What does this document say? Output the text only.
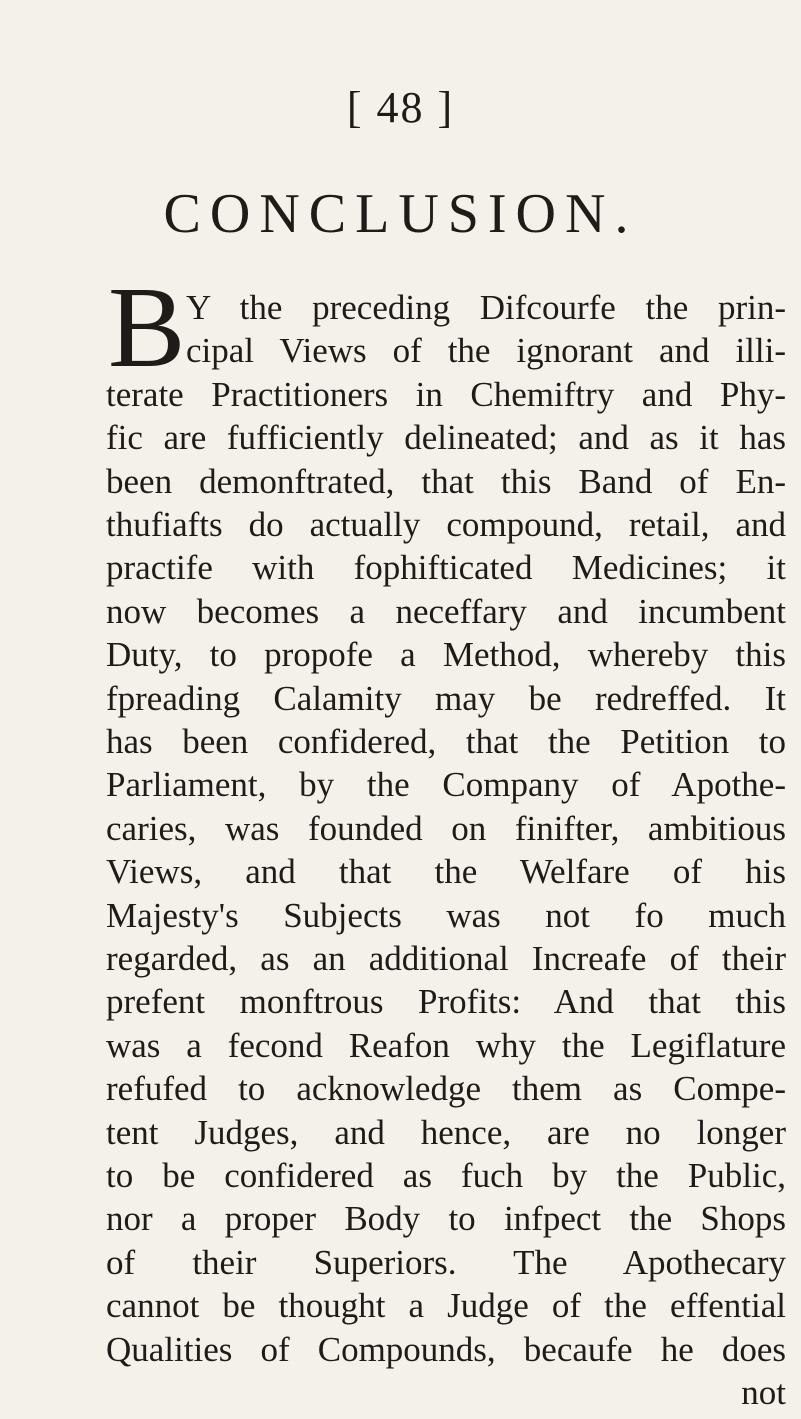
[ 48 ]
CONCLUSION.
B Y the preceding Difcourfe the prin-
cipal Views of the ignorant and illi-
terate Practitioners in Chemiftry and Phy-
fic are fufficiently delineated; and as it has
been demonftrated, that this Band of En-
thufiafts do actually compound, retail, and
practife with fophifticated Medicines; it
now becomes a neceffary and incumbent
Duty, to propofe a Method, whereby this
fpreading Calamity may be redreffed. It
has been confidered, that the Petition to
Parliament, by the Company of Apothe-
caries, was founded on finifter, ambitious
Views, and that the Welfare of his
Majesty's Subjects was not fo much
regarded, as an additional Increafe of their
prefent monftrous Profits: And that this
was a fecond Reafon why the Legiflature
refufed to acknowledge them as Compe-
tent Judges, and hence, are no longer
to be confidered as fuch by the Public,
nor a proper Body to infpect the Shops
of their Superiors. The Apothecary
cannot be thought a Judge of the effential
Qualities of Compounds, becaufe he does
not
